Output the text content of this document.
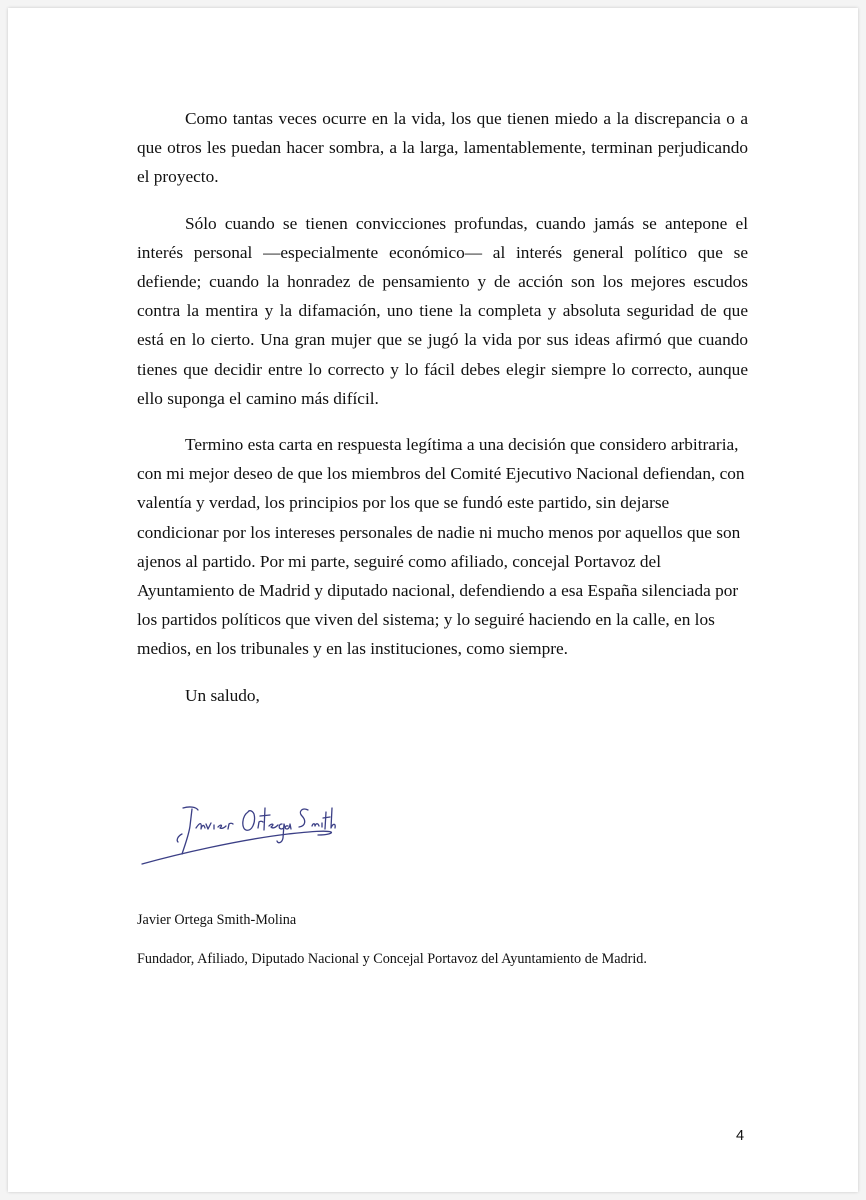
Como tantas veces ocurre en la vida, los que tienen miedo a la discrepancia o a que otros les puedan hacer sombra, a la larga, lamentablemente, terminan perjudicando el proyecto.

Sólo cuando se tienen convicciones profundas, cuando jamás se antepone el interés personal —especialmente económico— al interés general político que se defiende; cuando la honradez de pensamiento y de acción son los mejores escudos contra la mentira y la difamación, uno tiene la completa y absoluta seguridad de que está en lo cierto. Una gran mujer que se jugó la vida por sus ideas afirmó que cuando tienes que decidir entre lo correcto y lo fácil debes elegir siempre lo correcto, aunque ello suponga el camino más difícil.

Termino esta carta en respuesta legítima a una decisión que considero arbitraria, con mi mejor deseo de que los miembros del Comité Ejecutivo Nacional defiendan, con valentía y verdad, los principios por los que se fundó este partido, sin dejarse condicionar por los intereses personales de nadie ni mucho menos por aquellos que son ajenos al partido. Por mi parte, seguiré como afiliado, concejal Portavoz del Ayuntamiento de Madrid y diputado nacional, defendiendo a esa España silenciada por los partidos políticos que viven del sistema; y lo seguiré haciendo en la calle, en los medios, en los tribunales y en las instituciones, como siempre.

Un saludo,

Javier Ortega Smith-Molina
Fundador, Afiliado, Diputado Nacional y Concejal Portavoz del Ayuntamiento de Madrid.
4
